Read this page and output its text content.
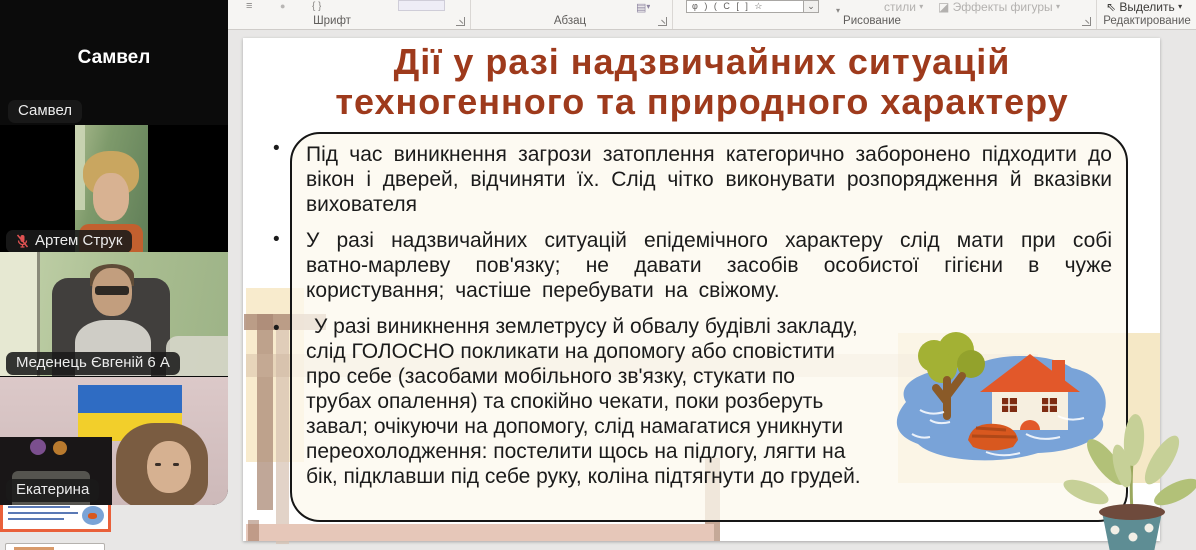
≡	●	{ }	▤▾	φ ) ( C [ ] ☆	⌄	▾	стили ▾ ◪ Эффекты фигуры ▾	⇖ Выделить ▾
Шрифт	Абзац	Рисование	Редактирование
Дії у разі надзвичайних ситуацій
техногенного та природного характеру
•
•
•

Під час виникнення загрози затоплення категорично заборонено підходити до вікон і дверей, відчиняти їх. Слід чітко виконувати розпорядження й вказівки вихователя

У разі надзвичайних ситуацій епідемічного характеру слід мати при собі ватно-марлеву пов'язку; не давати засобів особистої гігієни в чуже користування; частіше перебувати на свіжому.

У разі виникнення землетрусу й обвалу будівлі закладу, слід ГОЛОСНО покликати на допомогу або сповістити про себе (засобами мобільного зв'язку, стукати по трубах опалення) та спокійно чекати, поки розберуть завал; очікуючи на допомогу, слід намагатися уникнути переохолодження: постелити щось на підлогу, лягти на бік, підклавши під себе руку, коліна підтягнути до грудей.
Самвел
Самвел
Артем Струк
Меденець Євгеній 6 А
Екатерина
